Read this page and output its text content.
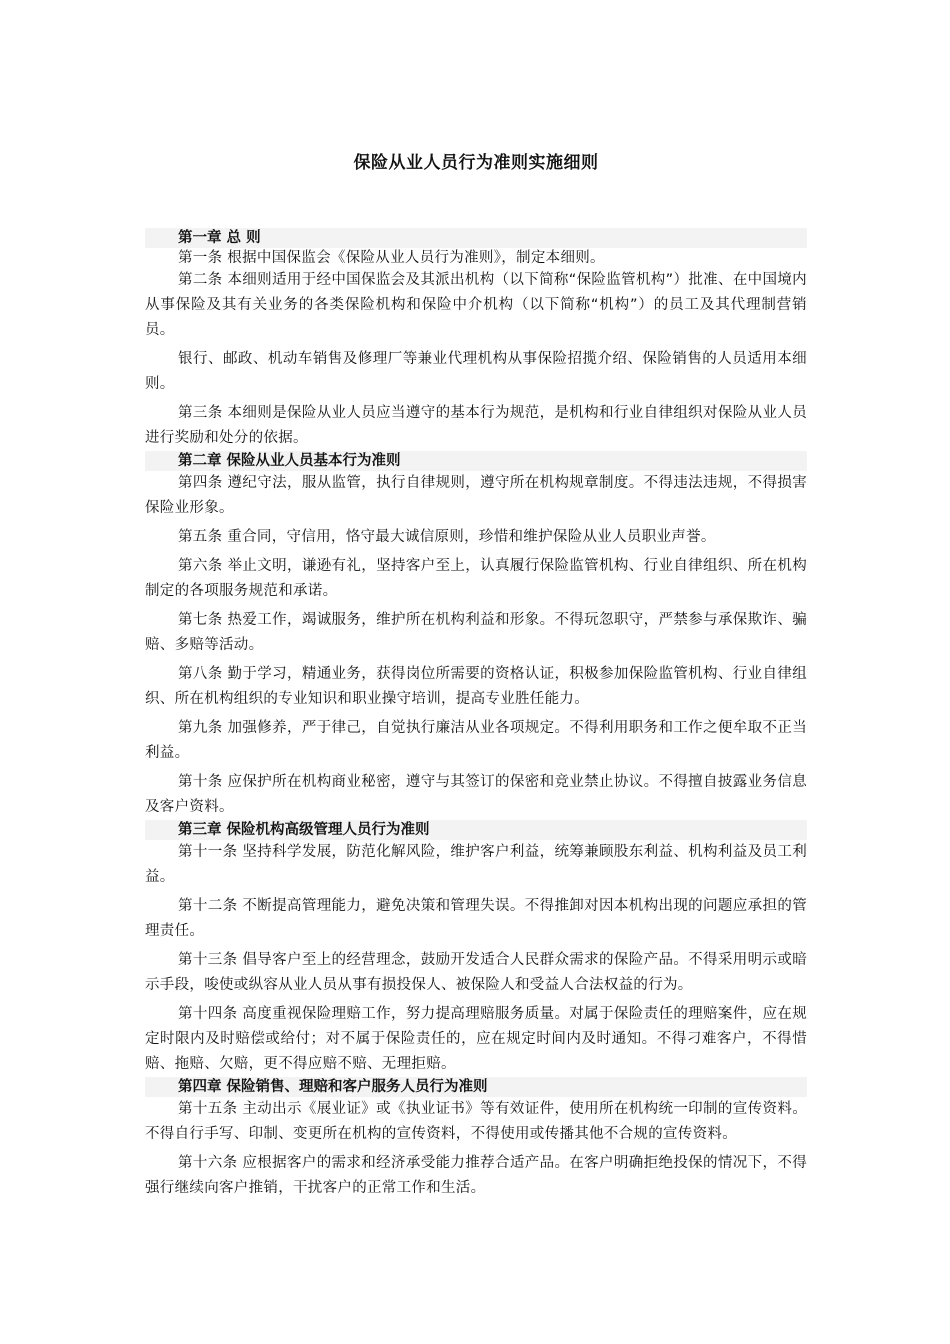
保险从业人员行为准则实施细则
第一章 总 则

第一条 根据中国保监会《保险从业人员行为准则》，制定本细则。

第二条 本细则适用于经中国保监会及其派出机构（以下简称“保险监管机构”）批准、在中国境内从事保险及其有关业务的各类保险机构和保险中介机构（以下简称“机构”）的员工及其代理制营销员。

银行、邮政、机动车销售及修理厂等兼业代理机构从事保险招揽介绍、保险销售的人员适用本细则。

第三条 本细则是保险从业人员应当遵守的基本行为规范，是机构和行业自律组织对保险从业人员进行奖励和处分的依据。

第二章 保险从业人员基本行为准则

第四条 遵纪守法，服从监管，执行自律规则，遵守所在机构规章制度。不得违法违规，不得损害保险业形象。

第五条 重合同，守信用，恪守最大诚信原则，珍惜和维护保险从业人员职业声誉。

第六条 举止文明，谦逊有礼，坚持客户至上，认真履行保险监管机构、行业自律组织、所在机构制定的各项服务规范和承诺。

第七条 热爱工作，竭诚服务，维护所在机构利益和形象。不得玩忽职守，严禁参与承保欺诈、骗赔、多赔等活动。

第八条 勤于学习，精通业务，获得岗位所需要的资格认证，积极参加保险监管机构、行业自律组织、所在机构组织的专业知识和职业操守培训，提高专业胜任能力。

第九条 加强修养，严于律己，自觉执行廉洁从业各项规定。不得利用职务和工作之便牟取不正当利益。

第十条 应保护所在机构商业秘密，遵守与其签订的保密和竞业禁止协议。不得擅自披露业务信息及客户资料。

第三章 保险机构高级管理人员行为准则

第十一条 坚持科学发展，防范化解风险，维护客户利益，统筹兼顾股东利益、机构利益及员工利益。

第十二条 不断提高管理能力，避免决策和管理失误。不得推卸对因本机构出现的问题应承担的管理责任。

第十三条 倡导客户至上的经营理念，鼓励开发适合人民群众需求的保险产品。不得采用明示或暗示手段，唆使或纵容从业人员从事有损投保人、被保险人和受益人合法权益的行为。

第十四条 高度重视保险理赔工作，努力提高理赔服务质量。对属于保险责任的理赔案件，应在规定时限内及时赔偿或给付；对不属于保险责任的，应在规定时间内及时通知。不得刁难客户，不得惜赔、拖赔、欠赔，更不得应赔不赔、无理拒赔。

第四章 保险销售、理赔和客户服务人员行为准则

第十五条 主动出示《展业证》或《执业证书》等有效证件，使用所在机构统一印制的宣传资料。不得自行手写、印制、变更所在机构的宣传资料，不得使用或传播其他不合规的宣传资料。

第十六条 应根据客户的需求和经济承受能力推荐合适产品。在客户明确拒绝投保的情况下，不得强行继续向客户推销，干扰客户的正常工作和生活。
